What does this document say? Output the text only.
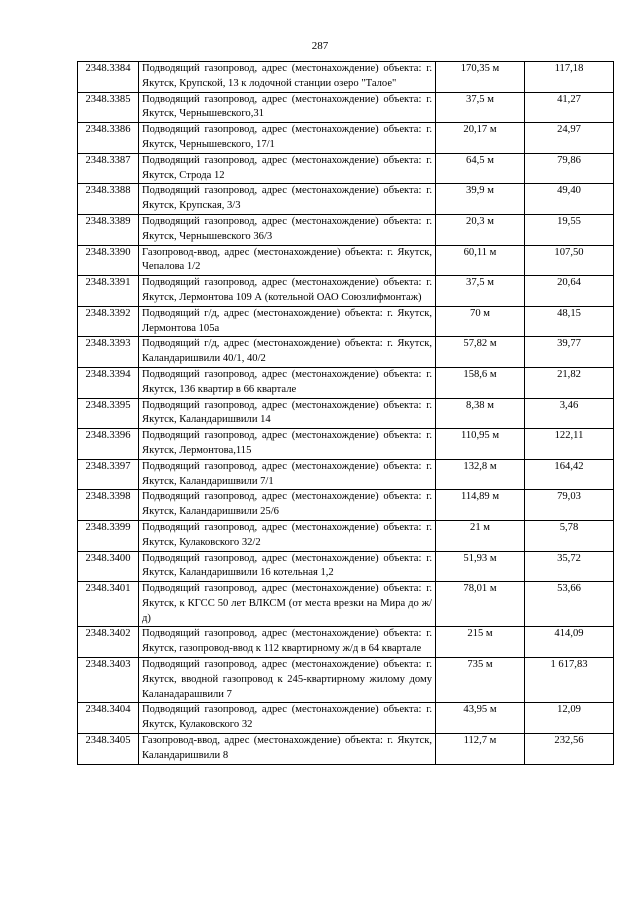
287
2348.3384	Подводящий газопровод, адрес (местонахождение) объекта: г. Якутск, Крупской, 13 к лодочной станции озеро "Талое"	170,35 м	117,18
2348.3385	Подводящий газопровод, адрес (местонахождение) объекта: г. Якутск, Чернышевского,31	37,5 м	41,27
2348.3386	Подводящий газопровод, адрес (местонахождение) объекта: г. Якутск, Чернышевского, 17/1	20,17 м	24,97
2348.3387	Подводящий газопровод, адрес (местонахождение) объекта: г. Якутск, Строда 12	64,5 м	79,86
2348.3388	Подводящий газопровод, адрес (местонахождение) объекта: г. Якутск, Крупская, 3/3	39,9 м	49,40
2348.3389	Подводящий газопровод, адрес (местонахождение) объекта: г. Якутск, Чернышевского 36/3	20,3 м	19,55
2348.3390	Газопровод-ввод, адрес (местонахождение) объекта: г. Якутск, Чепалова 1/2	60,11 м	107,50
2348.3391	Подводящий газопровод, адрес (местонахождение) объекта: г. Якутск, Лермонтова 109 А (котельной ОАО Союзлифмонтаж)	37,5 м	20,64
2348.3392	Подводящий г/д, адрес (местонахождение) объекта: г. Якутск, Лермонтова 105а	70 м	48,15
2348.3393	Подводящий г/д, адрес (местонахождение) объекта: г. Якутск, Каландаришвили 40/1, 40/2	57,82 м	39,77
2348.3394	Подводящий газопровод, адрес (местонахождение) объекта: г. Якутск, 136 квартир в 66 квартале	158,6 м	21,82
2348.3395	Подводящий газопровод, адрес (местонахождение) объекта: г. Якутск, Каландаришвили 14	8,38 м	3,46
2348.3396	Подводящий газопровод, адрес (местонахождение) объекта: г. Якутск, Лермонтова,115	110,95 м	122,11
2348.3397	Подводящий газопровод, адрес (местонахождение) объекта: г. Якутск, Каландаришвили 7/1	132,8 м	164,42
2348.3398	Подводящий газопровод, адрес (местонахождение) объекта: г. Якутск, Каландаришвили 25/6	114,89 м	79,03
2348.3399	Подводящий газопровод, адрес (местонахождение) объекта: г. Якутск, Кулаковского 32/2	21 м	5,78
2348.3400	Подводящий газопровод, адрес (местонахождение) объекта: г. Якутск, Каландаришвили 16 котельная 1,2	51,93 м	35,72
2348.3401	Подводящий газопровод, адрес (местонахождение) объекта: г. Якутск, к КГСС 50 лет ВЛКСМ (от места врезки на Мира до ж/д)	78,01 м	53,66
2348.3402	Подводящий газопровод, адрес (местонахождение) объекта: г. Якутск, газопровод-ввод к 112 квартирному ж/д в 64 квартале	215 м	414,09
2348.3403	Подводящий газопровод, адрес (местонахождение) объекта: г. Якутск, вводной газопровод к 245-квартирному жилому дому Каланадарашвили 7	735 м	1 617,83
2348.3404	Подводящий газопровод, адрес (местонахождение) объекта: г. Якутск, Кулаковского 32	43,95 м	12,09
2348.3405	Газопровод-ввод, адрес (местонахождение) объекта: г. Якутск, Каландаришвили 8	112,7 м	232,56
